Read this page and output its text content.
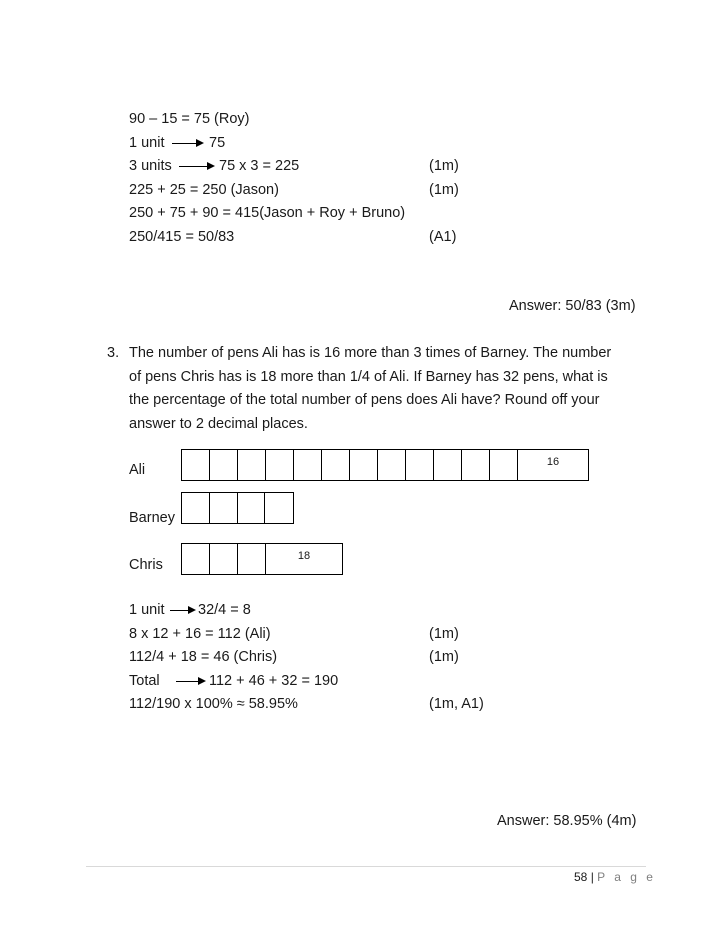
90 – 15 = 75 (Roy)
1 unit	75
3 units	75 x 3 = 225	(1m)
225 + 25 = 250 (Jason)	(1m)
250 + 75 + 90 = 415(Jason + Roy + Bruno)
250/415 = 50/83	(A1)
Answer: 50/83 (3m)
3. The number of pens Ali has is 16 more than 3 times of Barney. The number
of pens Chris has is 18 more than 1/4 of Ali. If Barney has 32 pens, what is
the percentage of the total number of pens does Ali have? Round off your
answer to 2 decimal places.
Ali	16
Barney
Chris
18
1 unit 32/4 = 8
8 x 12 + 16 = 112 (Ali)	(1m)
112/4 + 18 = 46 (Chris)	(1m)
Total	112 + 46 + 32 = 190
112/190 x 100% ≈ 58.95%	(1m, A1)
Answer: 58.95% (4m)
58 | P a g e
